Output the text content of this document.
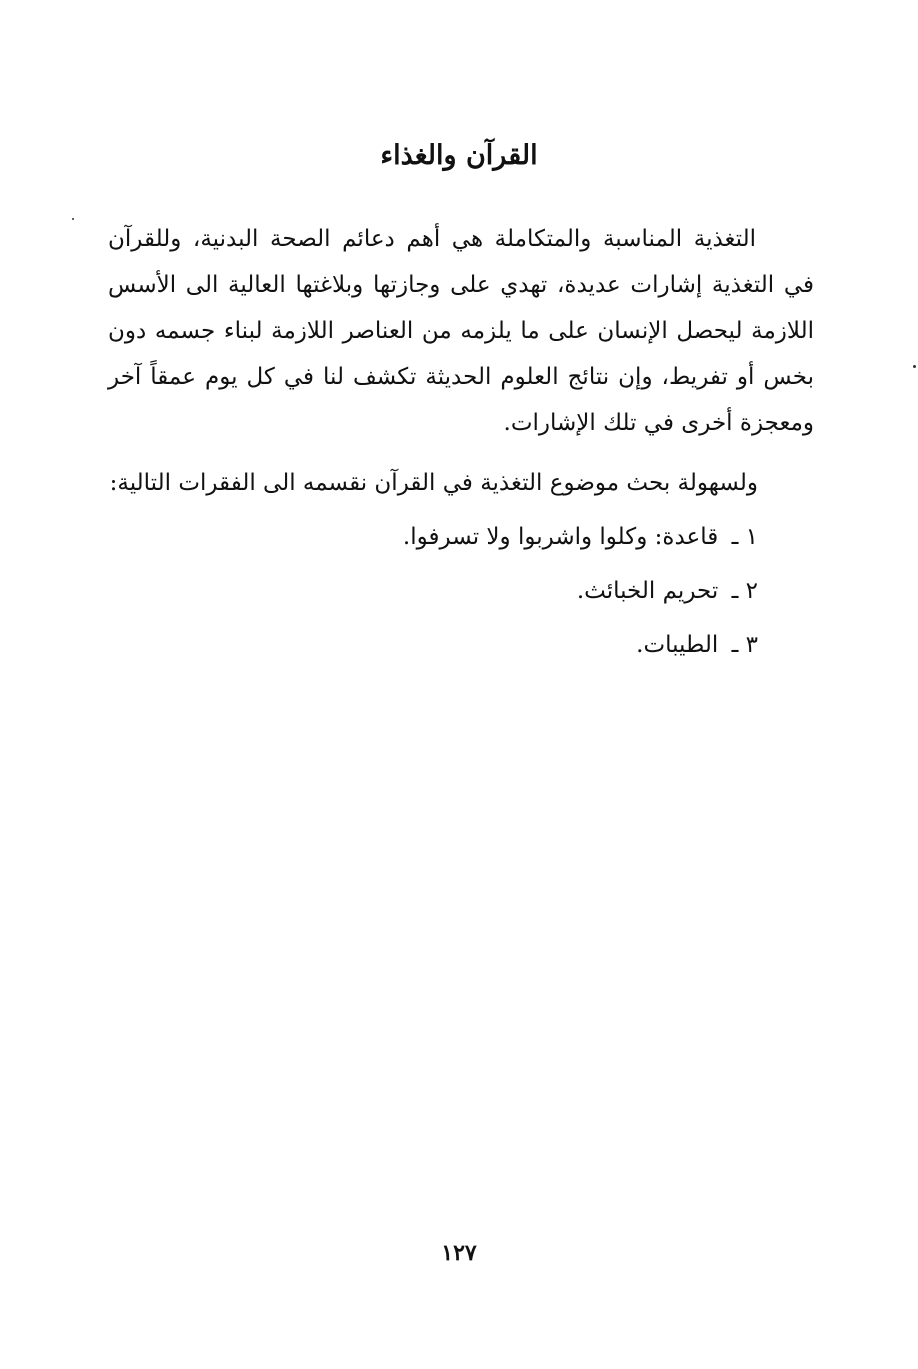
القرآن والغذاء

التغذية المناسبة والمتكاملة هي أهم دعائم الصحة البدنية، وللقرآن في التغذية إشارات عديدة، تهدي على وجازتها وبلاغتها العالية الى الأسس اللازمة ليحصل الإنسان على ما يلزمه من العناصر اللازمة لبناء جسمه دون بخس أو تفريط، وإن نتائج العلوم الحديثة تكشف لنا في كل يوم عمقاً آخر ومعجزة أخرى في تلك الإشارات.

ولسهولة بحث موضوع التغذية في القرآن نقسمه الى الفقرات التالية:

١ ـ قاعدة: وكلوا واشربوا ولا تسرفوا.
٢ ـ تحريم الخبائث.
٣ ـ الطيبات.
١٢٧
